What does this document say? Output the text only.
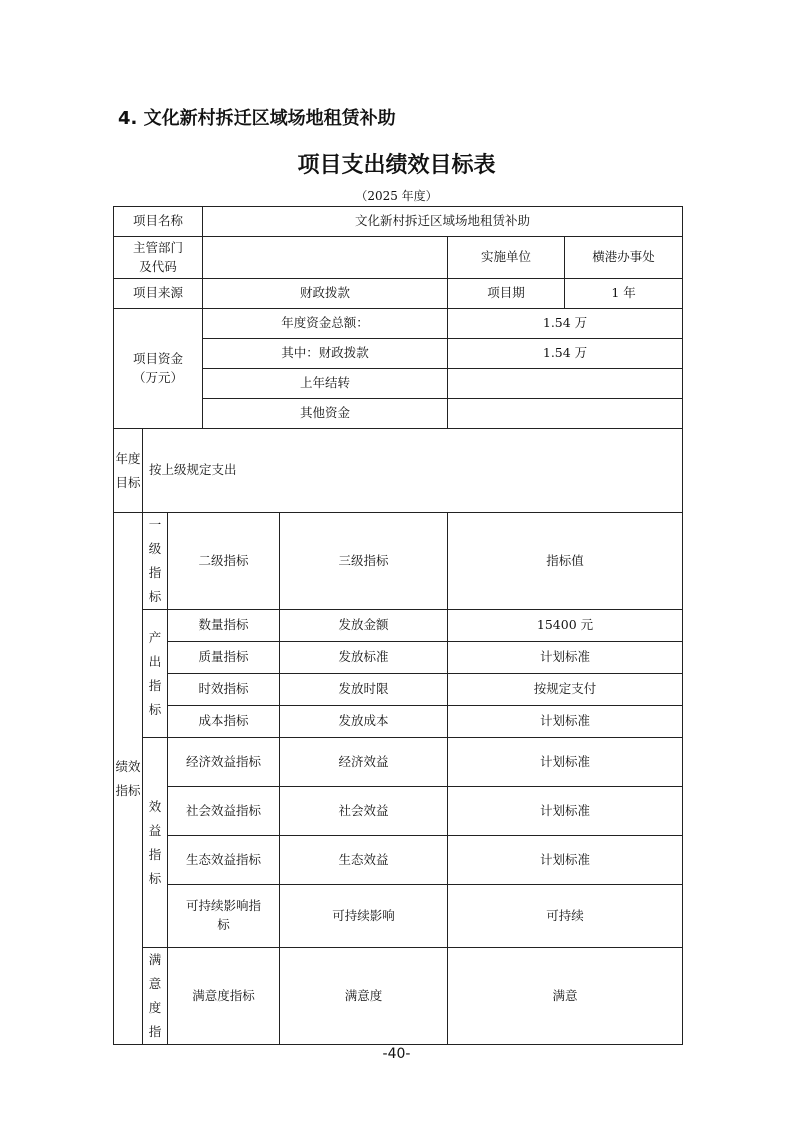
4. 文化新村拆迁区域场地租赁补助
项目支出绩效目标表
（2025 年度）
项目名称			文化新村拆迁区域场地租赁补助			
主管部门及代码					实施单位	横港办事处
项目来源			财政拨款		项目期	1 年
项目资金（万元）			年度资金总额：		1.54 万	
			其中：财政拨款		1.54 万	
			上年结转			
			其他资金			
年度目标	按上级规定支出					
绩效指标	一级指标	二级指标		三级指标	指标值	
	产出指标	数量指标		发放金额	15400 元	
		质量指标		发放标准	计划标准	
		时效指标		发放时限	按规定支付	
		成本指标		发放成本	计划标准	
	效益指标	经济效益指标		经济效益	计划标准	
		社会效益指标		社会效益	计划标准	
		生态效益指标		生态效益	计划标准	
		可持续影响指标		可持续影响	可持续	
	满意度指	满意度指标		满意度	满意	
-40-
